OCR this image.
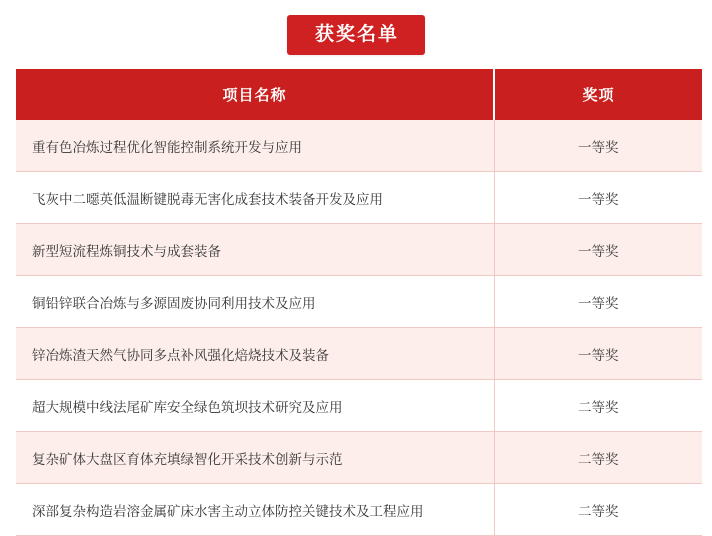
获奖名单
项目名称	奖项
重有色冶炼过程优化智能控制系统开发与应用	一等奖
飞灰中二噁英低温断键脱毒无害化成套技术装备开发及应用	一等奖
新型短流程炼铜技术与成套装备	一等奖
铜铅锌联合冶炼与多源固废协同利用技术及应用	一等奖
锌冶炼渣天然气协同多点补风强化焙烧技术及装备	一等奖
超大规模中线法尾矿库安全绿色筑坝技术研究及应用	二等奖
复杂矿体大盘区育体充填绿智化开采技术创新与示范	二等奖
深部复杂构造岩溶金属矿床水害主动立体防控关键技术及工程应用	二等奖
